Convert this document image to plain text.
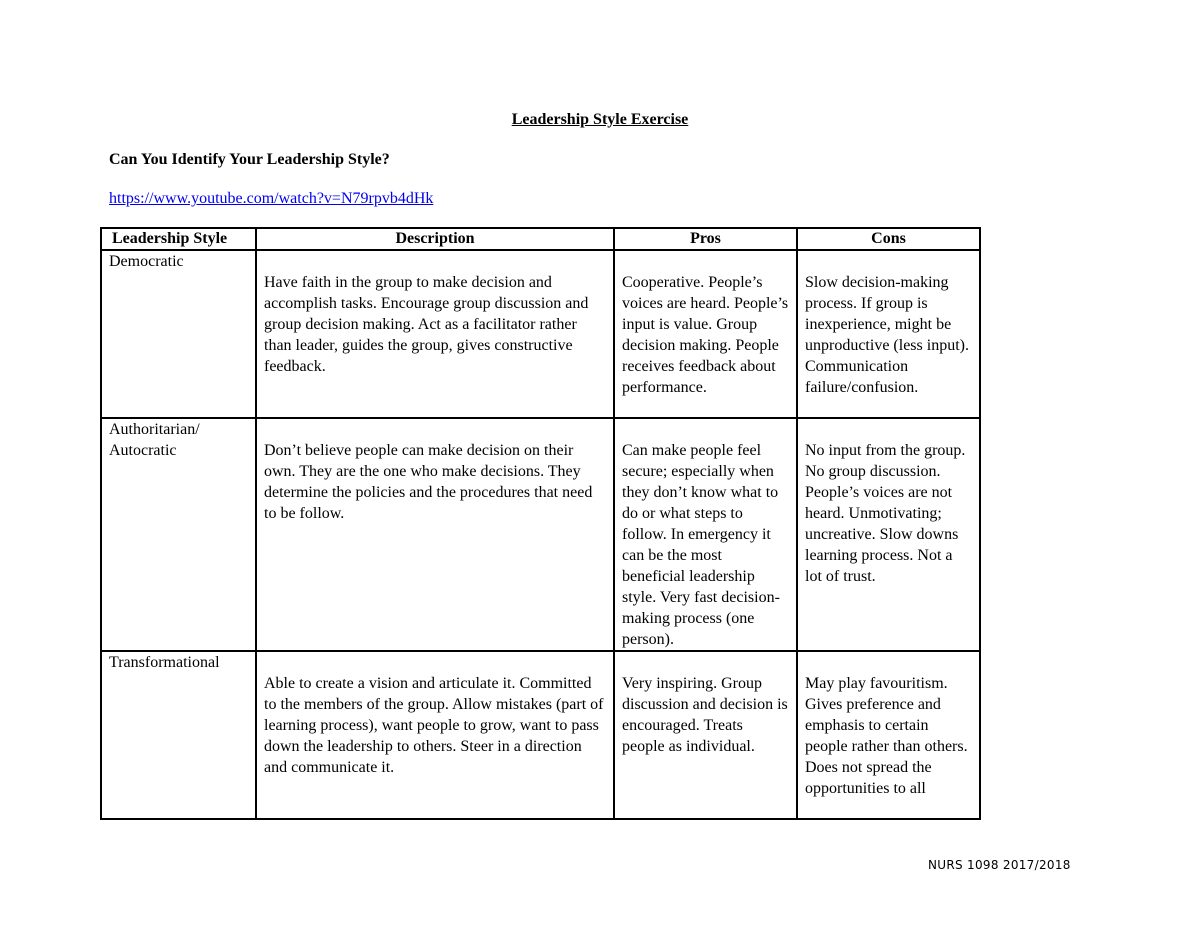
Leadership Style Exercise
Can You Identify Your Leadership Style?
https://www.youtube.com/watch?v=N79rpvb4dHk
Leadership Style	Description	Pros	Cons
Democratic	Have faith in the group to make decision and accomplish tasks. Encourage group discussion and group decision making. Act as a facilitator rather than leader, guides the group, gives constructive feedback.	Cooperative. People’s voices are heard. People’s input is value. Group decision making. People receives feedback about performance.	Slow decision-making process. If group is inexperience, might be unproductive (less input). Communication failure/confusion.

Authoritarian/ Autocratic	Don’t believe people can make decision on their own. They are the one who make decisions. They determine the policies and the procedures that need to be follow.	Can make people feel secure; especially when they don’t know what to do or what steps to follow. In emergency it can be the most beneficial leadership style. Very fast decision-making process (one person).	No input from the group. No group discussion. People’s voices are not heard. Unmotivating; uncreative. Slow downs learning process. Not a lot of trust.

Transformational	Able to create a vision and articulate it. Committed to the members of the group. Allow mistakes (part of learning process), want people to grow, want to pass down the leadership to others. Steer in a direction and communicate it.	Very inspiring. Group discussion and decision is encouraged. Treats people as individual.	May play favouritism. Gives preference and emphasis to certain people rather than others. Does not spread the opportunities to all
NURS 1098 2017/2018
